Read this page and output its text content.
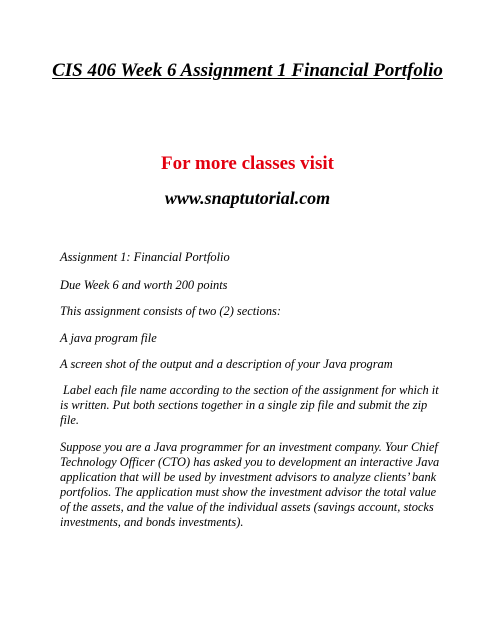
CIS 406 Week 6 Assignment 1 Financial Portfolio

For more classes visit

www.snaptutorial.com

Assignment 1: Financial Portfolio

Due Week 6 and worth 200 points

This assignment consists of two (2) sections:

A java program file

A screen shot of the output and a description of your Java program

Label each file name according to the section of the assignment for which it is written. Put both sections together in a single zip file and submit the zip file.

Suppose you are a Java programmer for an investment company. Your Chief Technology Officer (CTO) has asked you to development an interactive Java application that will be used by investment advisors to analyze clients’ bank portfolios. The application must show the investment advisor the total value of the assets, and the value of the individual assets (savings account, stocks investments, and bonds investments).
